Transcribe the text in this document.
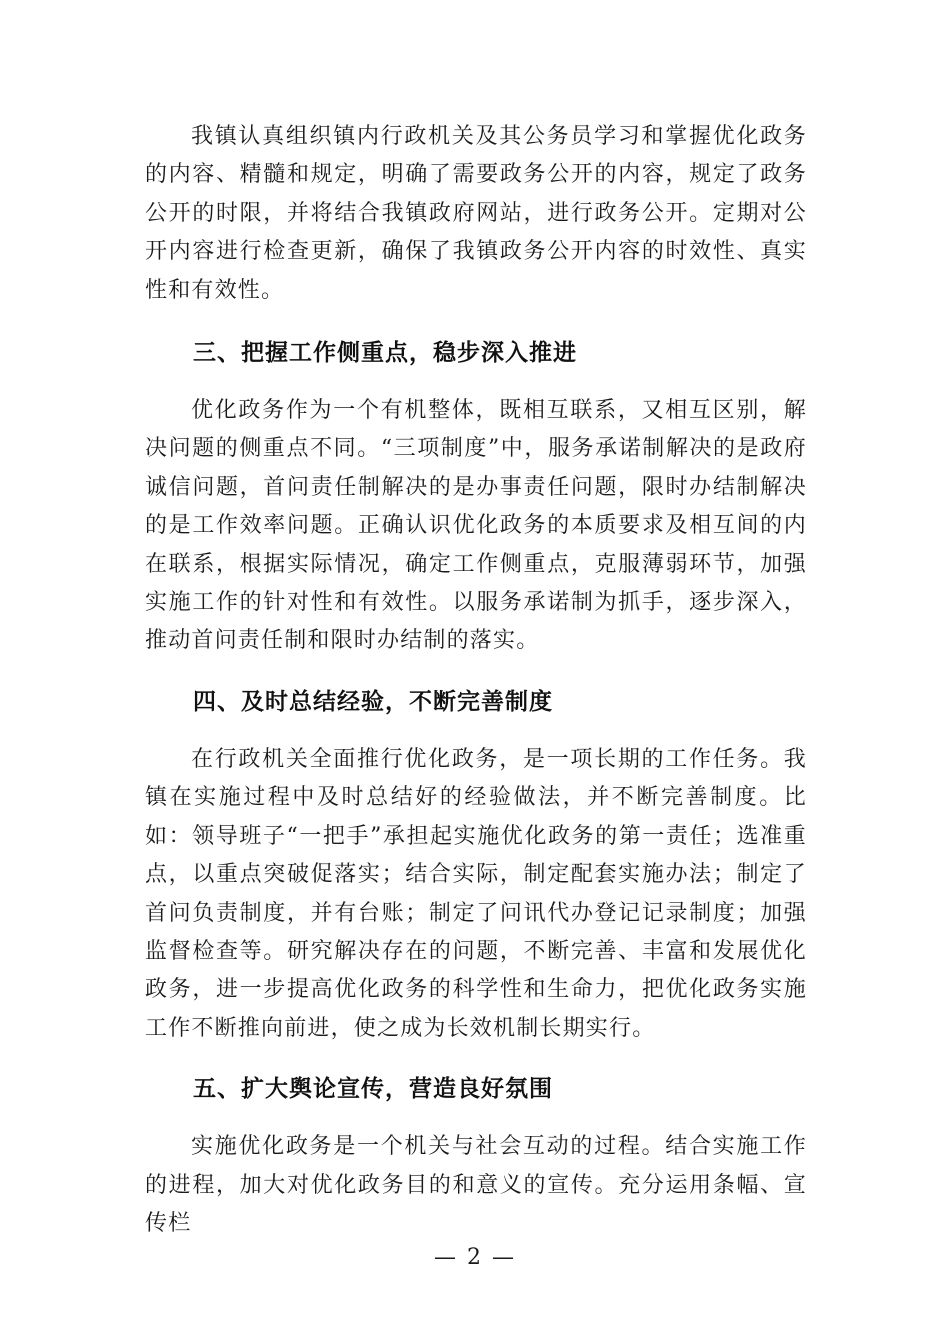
我镇认真组织镇内行政机关及其公务员学习和掌握优化政务的内容、精髓和规定，明确了需要政务公开的内容，规定了政务公开的时限，并将结合我镇政府网站，进行政务公开。定期对公开内容进行检查更新，确保了我镇政务公开内容的时效性、真实性和有效性。

三、把握工作侧重点，稳步深入推进

优化政务作为一个有机整体，既相互联系，又相互区别，解决问题的侧重点不同。“三项制度”中，服务承诺制解决的是政府诚信问题，首问责任制解决的是办事责任问题，限时办结制解决的是工作效率问题。正确认识优化政务的本质要求及相互间的内在联系，根据实际情况，确定工作侧重点，克服薄弱环节，加强实施工作的针对性和有效性。以服务承诺制为抓手，逐步深入，推动首问责任制和限时办结制的落实。

四、及时总结经验，不断完善制度

在行政机关全面推行优化政务，是一项长期的工作任务。我镇在实施过程中及时总结好的经验做法，并不断完善制度。比如：领导班子“一把手”承担起实施优化政务的第一责任；选准重点，以重点突破促落实；结合实际，制定配套实施办法；制定了首问负责制度，并有台账；制定了问讯代办登记记录制度；加强监督检查等。研究解决存在的问题，不断完善、丰富和发展优化政务，进一步提高优化政务的科学性和生命力，把优化政务实施工作不断推向前进，使之成为长效机制长期实行。

五、扩大舆论宣传，营造良好氛围

实施优化政务是一个机关与社会互动的过程。结合实施工作的进程，加大对优化政务目的和意义的宣传。充分运用条幅、宣传栏

— 2 —
